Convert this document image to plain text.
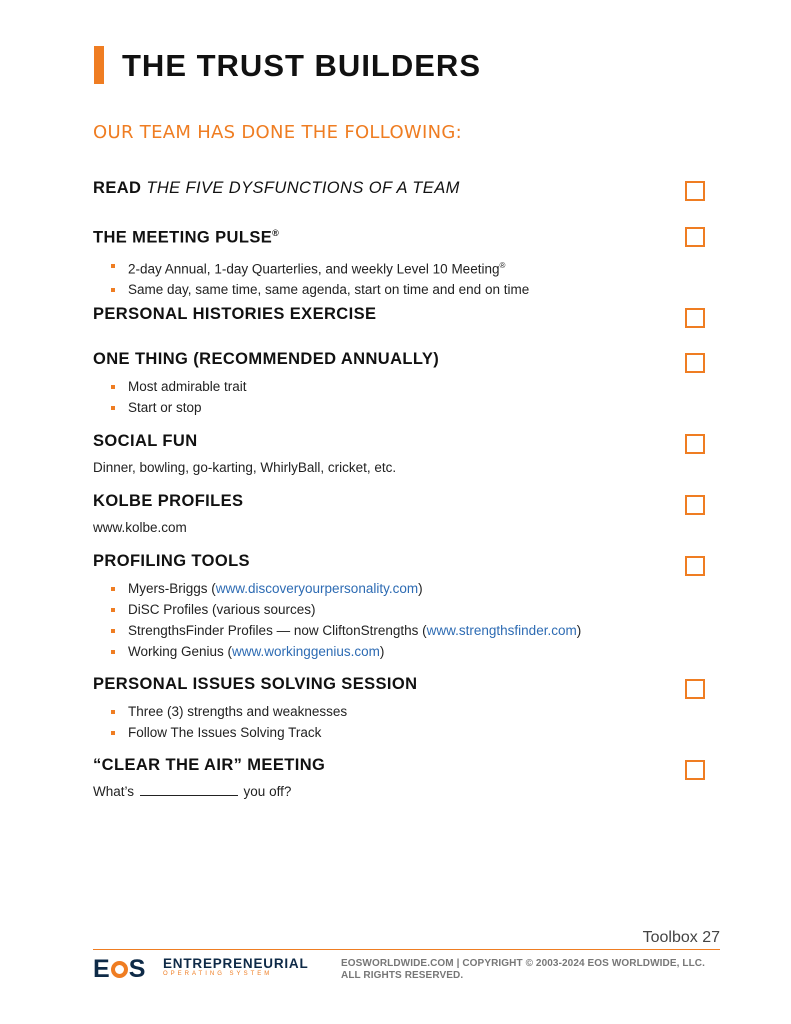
THE TRUST BUILDERS
OUR TEAM HAS DONE THE FOLLOWING:
READ THE FIVE DYSFUNCTIONS OF A TEAM
THE MEETING PULSE®
2-day Annual, 1-day Quarterlies, and weekly Level 10 Meeting®
Same day, same time, same agenda, start on time and end on time
PERSONAL HISTORIES EXERCISE
ONE THING (RECOMMENDED ANNUALLY)
Most admirable trait
Start or stop
SOCIAL FUN
Dinner, bowling, go-karting, WhirlyBall, cricket, etc.
KOLBE PROFILES
www.kolbe.com
PROFILING TOOLS
Myers-Briggs (www.discoveryourpersonality.com)
DiSC Profiles (various sources)
StrengthsFinder Profiles — now CliftonStrengths (www.strengthsfinder.com)
Working Genius (www.workinggenius.com)
PERSONAL ISSUES SOLVING SESSION
Three (3) strengths and weaknesses
Follow The Issues Solving Track
“CLEAR THE AIR” MEETING
What’s	you off?
Toolbox 27
E S ENTREPRENEURIAL
OPERATING SYSTEM
EOSWORLDWIDE.COM | COPYRIGHT © 2003-2024 EOS WORLDWIDE, LLC.
ALL RIGHTS RESERVED.
